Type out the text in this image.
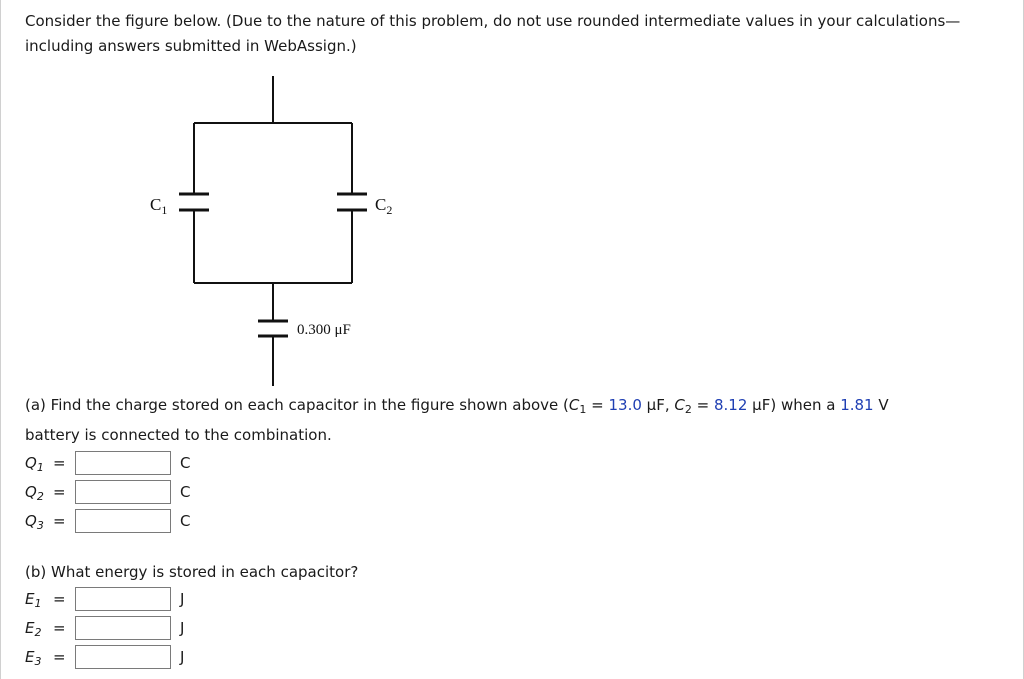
Consider the figure below. (Due to the nature of this problem, do not use rounded intermediate values in your calculations—including answers submitted in WebAssign.)
$C_1$	$C_2$
0.300 μF
(a) Find the charge stored on each capacitor in the figure shown above ($C_1 = 13.0$ μF, $C_2 = 8.12$ μF) when a 1.81 V
battery is connected to the combination.
$Q_1$ =	C
$Q_2$ =	C
$Q_3$ =	C
(b) What energy is stored in each capacitor?
$E_1$ =	J
$E_2$ =	J
$E_3$ =	J
